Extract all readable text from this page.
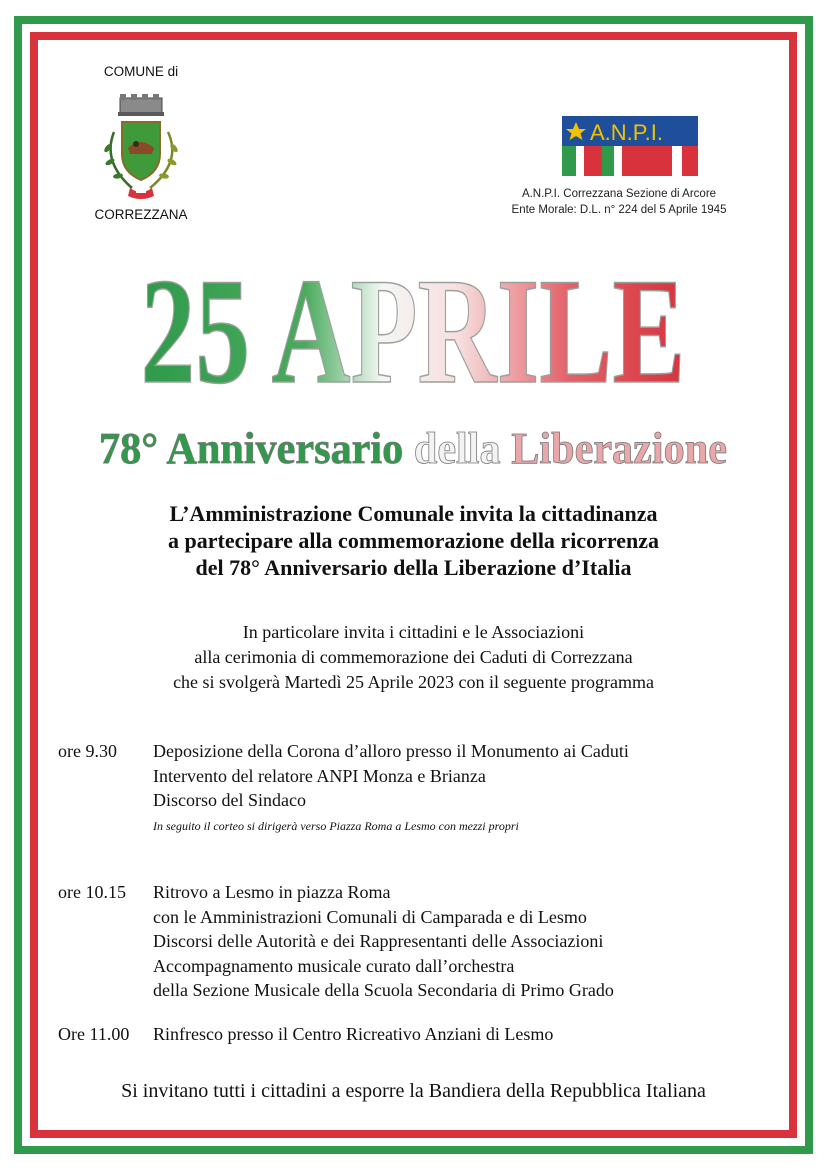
COMUNE di
CORREZZANA
A.N.P.I.
A.N.P.I. Correzzana Sezione di Arcore
Ente Morale: D.L. n° 224 del 5 Aprile 1945
25 APRILE
78° Anniversario della Liberazione
L’Amministrazione Comunale invita la cittadinanza
a partecipare alla commemorazione della ricorrenza
del 78° Anniversario della Liberazione d’Italia
In particolare invita i cittadini e le Associazioni
alla cerimonia di commemorazione dei Caduti di Correzzana
che si svolgerà Martedì 25 Aprile 2023 con il seguente programma
ore 9.30	Deposizione della Corona d’alloro presso il Monumento ai Caduti
Intervento del relatore ANPI Monza e Brianza
Discorso del Sindaco
In seguito il corteo si dirigerà verso Piazza Roma a Lesmo con mezzi propri
ore 10.15	Ritrovo a Lesmo in piazza Roma
con le Amministrazioni Comunali di Camparada e di Lesmo
Discorsi delle Autorità e dei Rappresentanti delle Associazioni
Accompagnamento musicale curato dall’orchestra
della Sezione Musicale della Scuola Secondaria di Primo Grado
Ore 11.00	Rinfresco presso il Centro Ricreativo Anziani di Lesmo
Si invitano tutti i cittadini a esporre la Bandiera della Repubblica Italiana
